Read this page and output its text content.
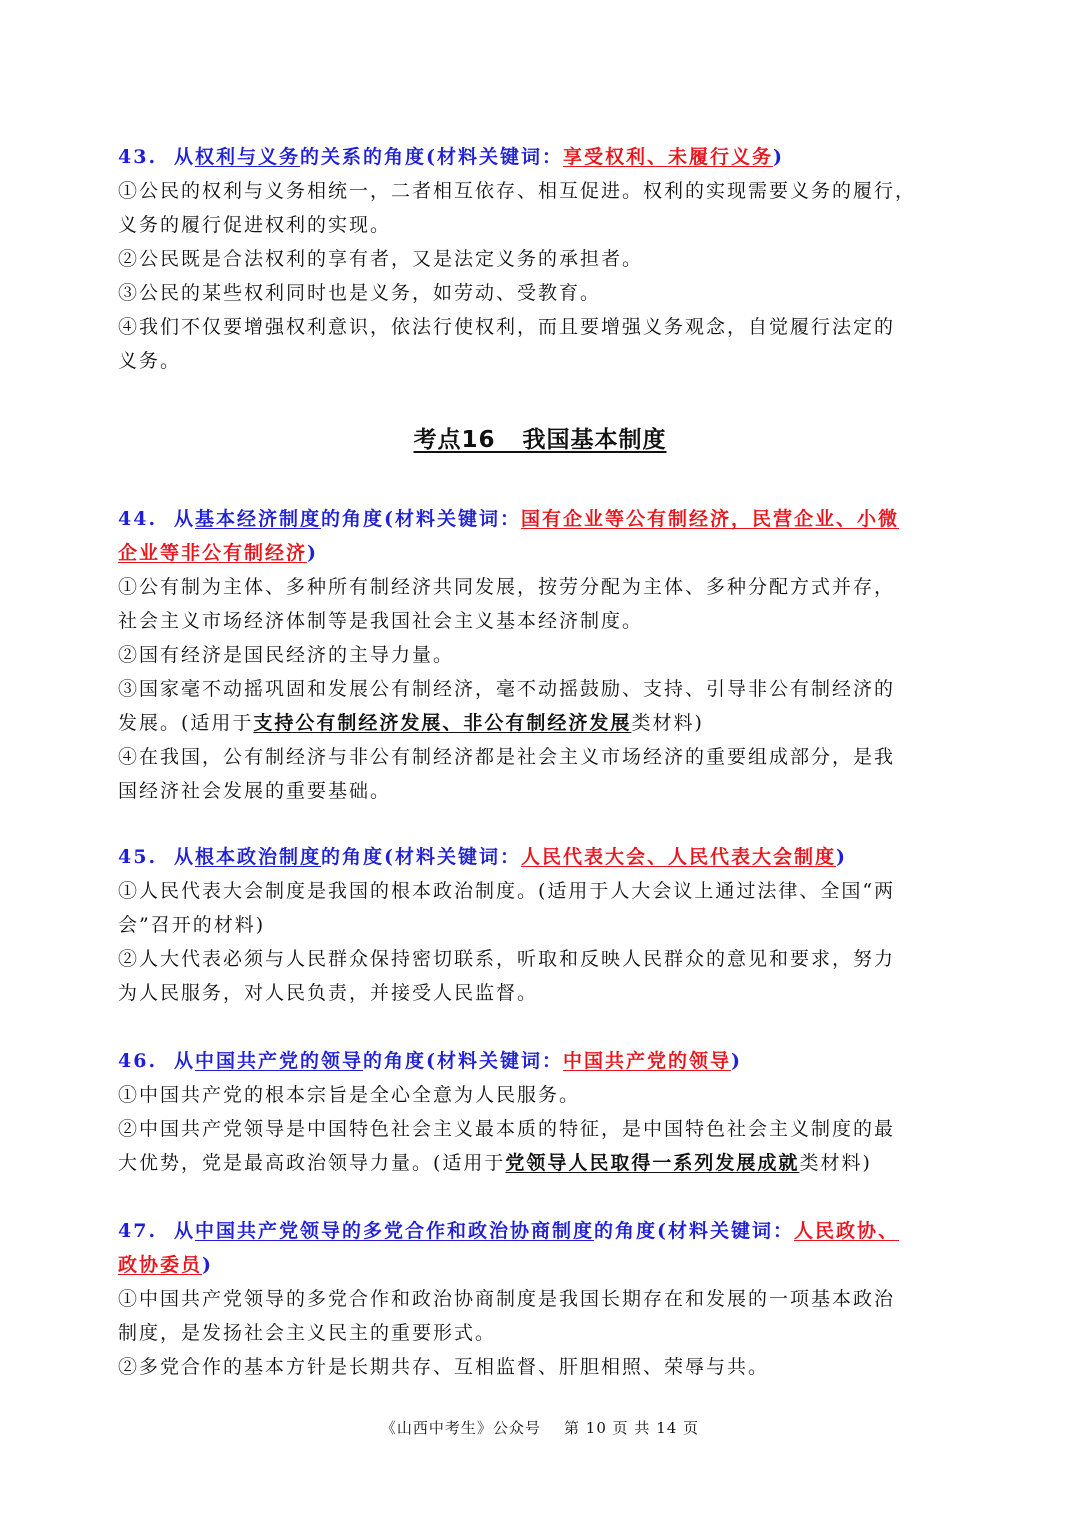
43. 从权利与义务的关系的角度(材料关键词：享受权利、未履行义务)
①公民的权利与义务相统一，二者相互依存、相互促进。权利的实现需要义务的履行，
义务的履行促进权利的实现。
②公民既是合法权利的享有者，又是法定义务的承担者。
③公民的某些权利同时也是义务，如劳动、受教育。
④我们不仅要增强权利意识，依法行使权利，而且要增强义务观念，自觉履行法定的
义务。
考点16 我国基本制度
44. 从基本经济制度的角度(材料关键词：国有企业等公有制经济，民营企业、小微
企业等非公有制经济)
①公有制为主体、多种所有制经济共同发展，按劳分配为主体、多种分配方式并存，
社会主义市场经济体制等是我国社会主义基本经济制度。
②国有经济是国民经济的主导力量。
③国家毫不动摇巩固和发展公有制经济，毫不动摇鼓励、支持、引导非公有制经济的
发展。(适用于支持公有制经济发展、非公有制经济发展类材料)
④在我国，公有制经济与非公有制经济都是社会主义市场经济的重要组成部分，是我
国经济社会发展的重要基础。
45. 从根本政治制度的角度(材料关键词：人民代表大会、人民代表大会制度)
①人民代表大会制度是我国的根本政治制度。(适用于人大会议上通过法律、全国“两
会”召开的材料)
②人大代表必须与人民群众保持密切联系，听取和反映人民群众的意见和要求，努力
为人民服务，对人民负责，并接受人民监督。
46. 从中国共产党的领导的角度(材料关键词：中国共产党的领导)
①中国共产党的根本宗旨是全心全意为人民服务。
②中国共产党领导是中国特色社会主义最本质的特征，是中国特色社会主义制度的最
大优势，党是最高政治领导力量。(适用于党领导人民取得一系列发展成就类材料)
47. 从中国共产党领导的多党合作和政治协商制度的角度(材料关键词：人民政协、
政协委员)
①中国共产党领导的多党合作和政治协商制度是我国长期存在和发展的一项基本政治
制度，是发扬社会主义民主的重要形式。
②多党合作的基本方针是长期共存、互相监督、肝胆相照、荣辱与共。
《山西中考生》公众号 第 10 页 共 14 页
